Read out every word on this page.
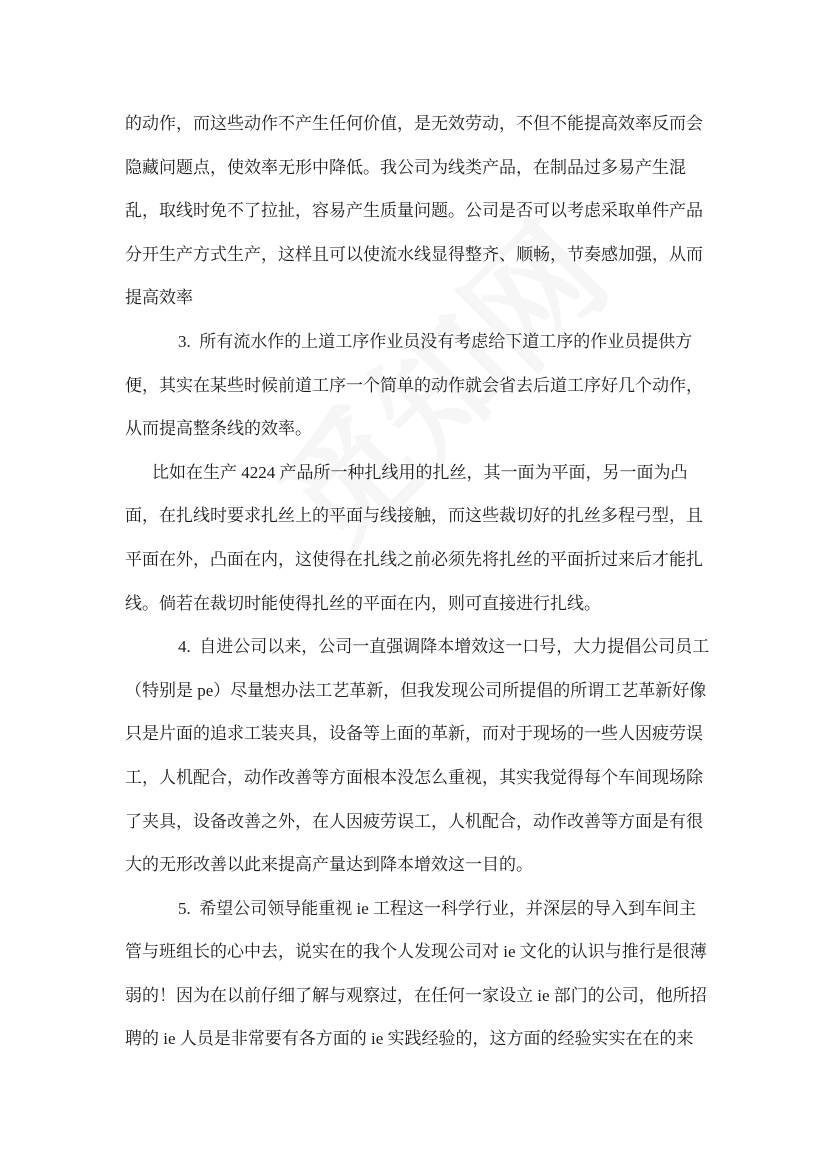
的动作，而这些动作不产生任何价值，是无效劳动，不但不能提高效率反而会
隐藏问题点，使效率无形中降低。我公司为线类产品，在制品过多易产生混
乱，取线时免不了拉扯，容易产生质量问题。公司是否可以考虑采取单件产品
分开生产方式生产，这样且可以使流水线显得整齐、顺畅，节奏感加强，从而
提高效率
3.  所有流水作的上道工序作业员没有考虑给下道工序的作业员提供方
便，其实在某些时候前道工序一个简单的动作就会省去后道工序好几个动作，
从而提高整条线的效率。
比如在生产 4224 产品所一种扎线用的扎丝，其一面为平面，另一面为凸
面，在扎线时要求扎丝上的平面与线接触，而这些裁切好的扎丝多程弓型，且
平面在外，凸面在内，这使得在扎线之前必须先将扎丝的平面折过来后才能扎
线。倘若在裁切时能使得扎丝的平面在内，则可直接进行扎线。
4.  自进公司以来，公司一直强调降本增效这一口号，大力提倡公司员工
（特别是 pe）尽量想办法工艺革新，但我发现公司所提倡的所谓工艺革新好像
只是片面的追求工装夹具，设备等上面的革新，而对于现场的一些人因疲劳误
工，人机配合，动作改善等方面根本没怎么重视，其实我觉得每个车间现场除
了夹具，设备改善之外，在人因疲劳误工，人机配合，动作改善等方面是有很
大的无形改善以此来提高产量达到降本增效这一目的。
5.  希望公司领导能重视 ie 工程这一科学行业，并深层的导入到车间主
管与班组长的心中去，说实在的我个人发现公司对 ie 文化的认识与推行是很薄
弱的！因为在以前仔细了解与观察过，在任何一家设立 ie 部门的公司，他所招
聘的 ie 人员是非常要有各方面的 ie 实践经验的，这方面的经验实实在在的来
